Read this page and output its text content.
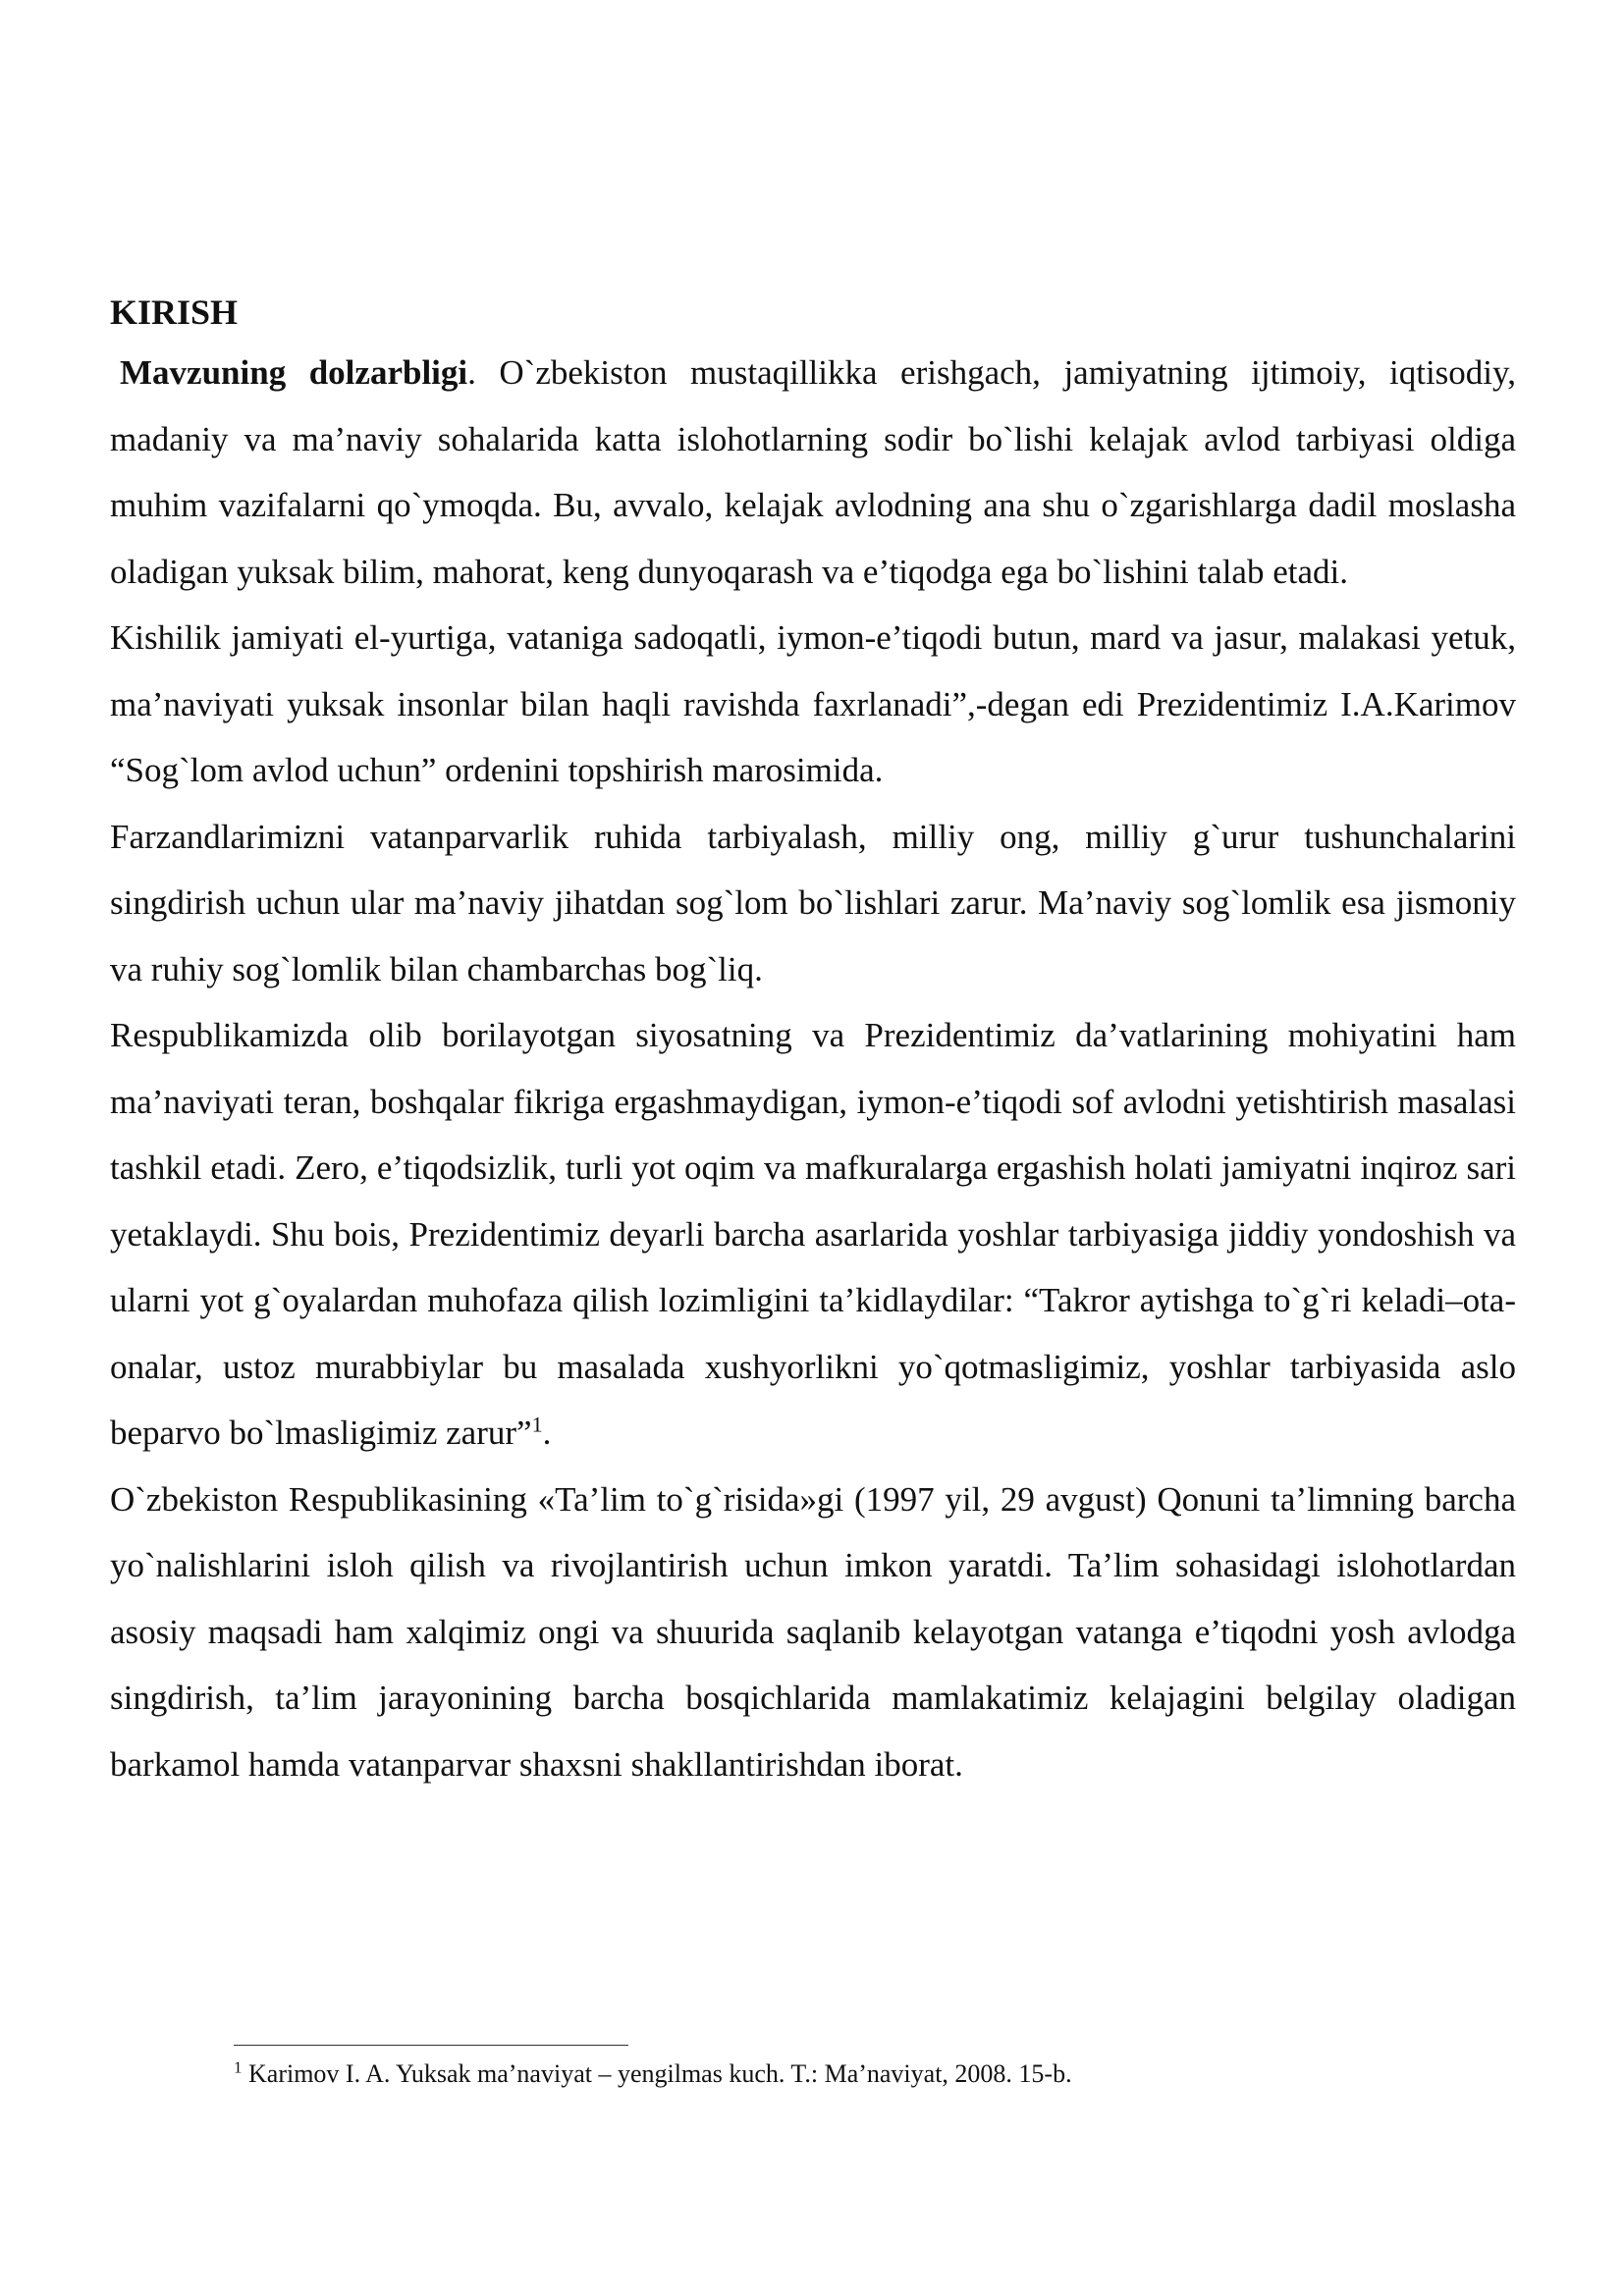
KIRISH

Mavzuning dolzarbligi. O`zbekiston mustaqillikka erishgach, jamiyatning ijtimoiy, iqtisodiy, madaniy va ma’naviy sohalarida katta islohotlarning sodir bo`lishi kelajak avlod tarbiyasi oldiga muhim vazifalarni qo`ymoqda. Bu, avvalo, kelajak avlodning ana shu o`zgarishlarga dadil moslasha oladigan yuksak bilim, mahorat, keng dunyoqarash va e’tiqodga ega bo`lishini talab etadi.

Kishilik jamiyati el-yurtiga, vataniga sadoqatli, iymon-e’tiqodi butun, mard va jasur, malakasi yetuk, ma’naviyati yuksak insonlar bilan haqli ravishda faxrlanadi”,-degan edi Prezidentimiz I.A.Karimov “Sog`lom avlod uchun” ordenini topshirish marosimida.

Farzandlarimizni vatanparvarlik ruhida tarbiyalash, milliy ong, milliy g`urur tushunchalarini singdirish uchun ular ma’naviy jihatdan sog`lom bo`lishlari zarur. Ma’naviy sog`lomlik esa jismoniy va ruhiy sog`lomlik bilan chambarchas bog`liq.

Respublikamizda olib borilayotgan siyosatning va Prezidentimiz da’vatlarining mohiyatini ham ma’naviyati teran, boshqalar fikriga ergashmaydigan, iymon-e’tiqodi sof avlodni yetishtirish masalasi tashkil etadi. Zero, e’tiqodsizlik, turli yot oqim va mafkuralarga ergashish holati jamiyatni inqiroz sari yetaklaydi. Shu bois, Prezidentimiz deyarli barcha asarlarida yoshlar tarbiyasiga jiddiy yondoshish va ularni yot g`oyalardan muhofaza qilish lozimligini ta’kidlaydilar: “Takror aytishga to`g`ri keladi–ota-onalar, ustoz murabbiylar bu masalada xushyorlikni yo`qotmasligimiz, yoshlar tarbiyasida aslo beparvo bo`lmasligimiz zarur”$^1$.

O`zbekiston Respublikasining «Ta’lim to`g`risida»gi (1997 yil, 29 avgust) Qonuni ta’limning barcha yo`nalishlarini isloh qilish va rivojlantirish uchun imkon yaratdi. Ta’lim sohasidagi islohotlardan asosiy maqsadi ham xalqimiz ongi va shuurida saqlanib kelayotgan vatanga e’tiqodni yosh avlodga singdirish, ta’lim jarayonining barcha bosqichlarida mamlakatimiz kelajagini belgilay oladigan barkamol hamda vatanparvar shaxsni shakllantirishdan iborat.

$^1$ Karimov I. A. Yuksak ma’naviyat – yengilmas kuch. T.: Ma’naviyat, 2008. 15-b.
